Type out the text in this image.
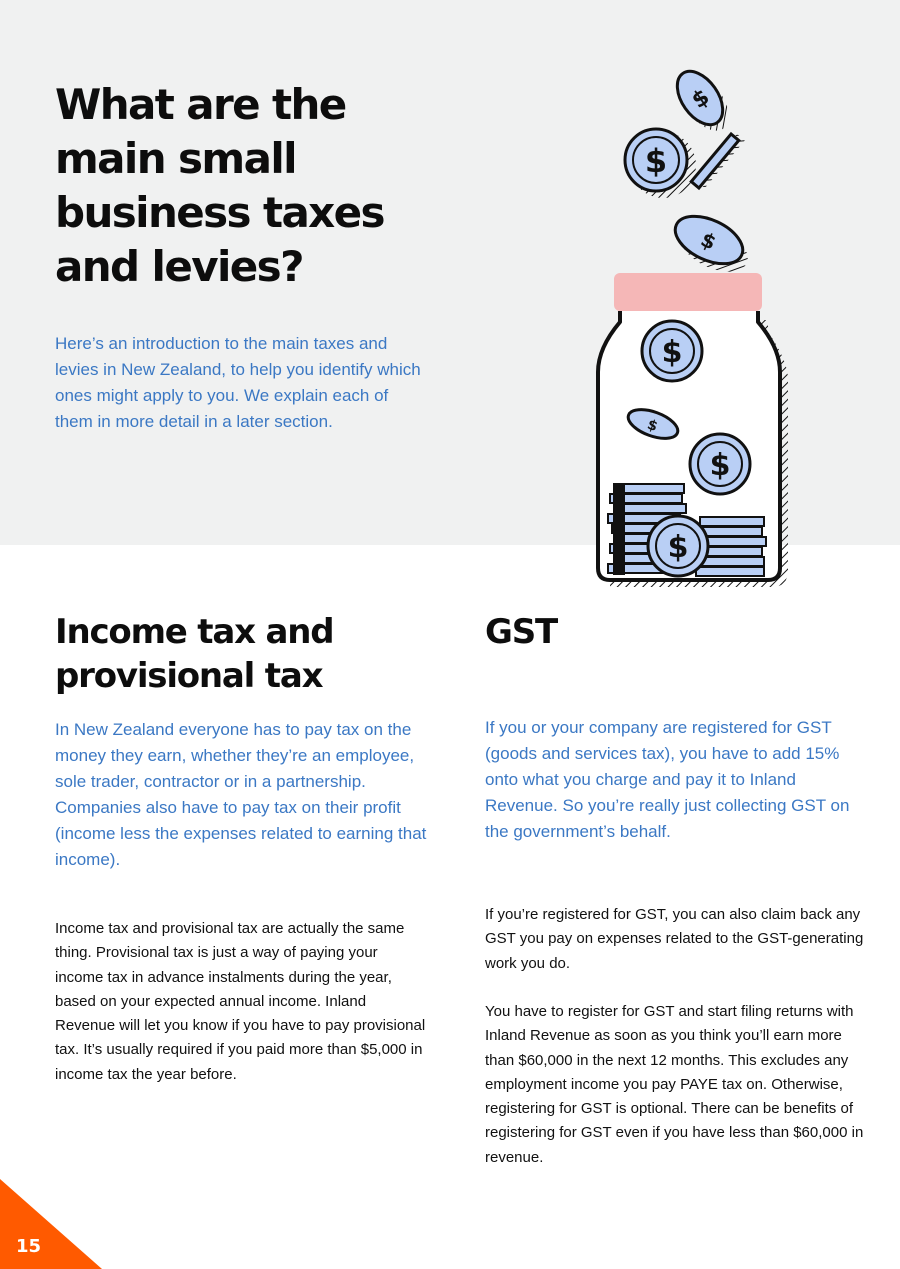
What are the main small business taxes and levies?

Here’s an introduction to the main taxes and levies in New Zealand, to help you identify which ones might apply to you. We explain each of them in more detail in a later section.

$
$
$
$
$
$
$
Income tax and provisional tax
GST

In New Zealand everyone has to pay tax on the money they earn, whether they’re an employee, sole trader, contractor or in a partnership. Companies also have to pay tax on their profit (income less the expenses related to earning that income).

If you or your company are registered for GST (goods and services tax), you have to add 15% onto what you charge and pay it to Inland Revenue. So you’re really just collecting GST on the government’s behalf.

Income tax and provisional tax are actually the same thing. Provisional tax is just a way of paying your income tax in advance instalments during the year, based on your expected annual income. Inland Revenue will let you know if you have to pay provisional tax. It’s usually required if you paid more than $5,000 in income tax the year before.

If you’re registered for GST, you can also claim back any GST you pay on expenses related to the GST-generating work you do.

You have to register for GST and start filing returns with Inland Revenue as soon as you think you’ll earn more than $60,000 in the next 12 months. This excludes any employment income you pay PAYE tax on. Otherwise, registering for GST is optional. There can be benefits of registering for GST even if you have less than $60,000 in revenue.

15
